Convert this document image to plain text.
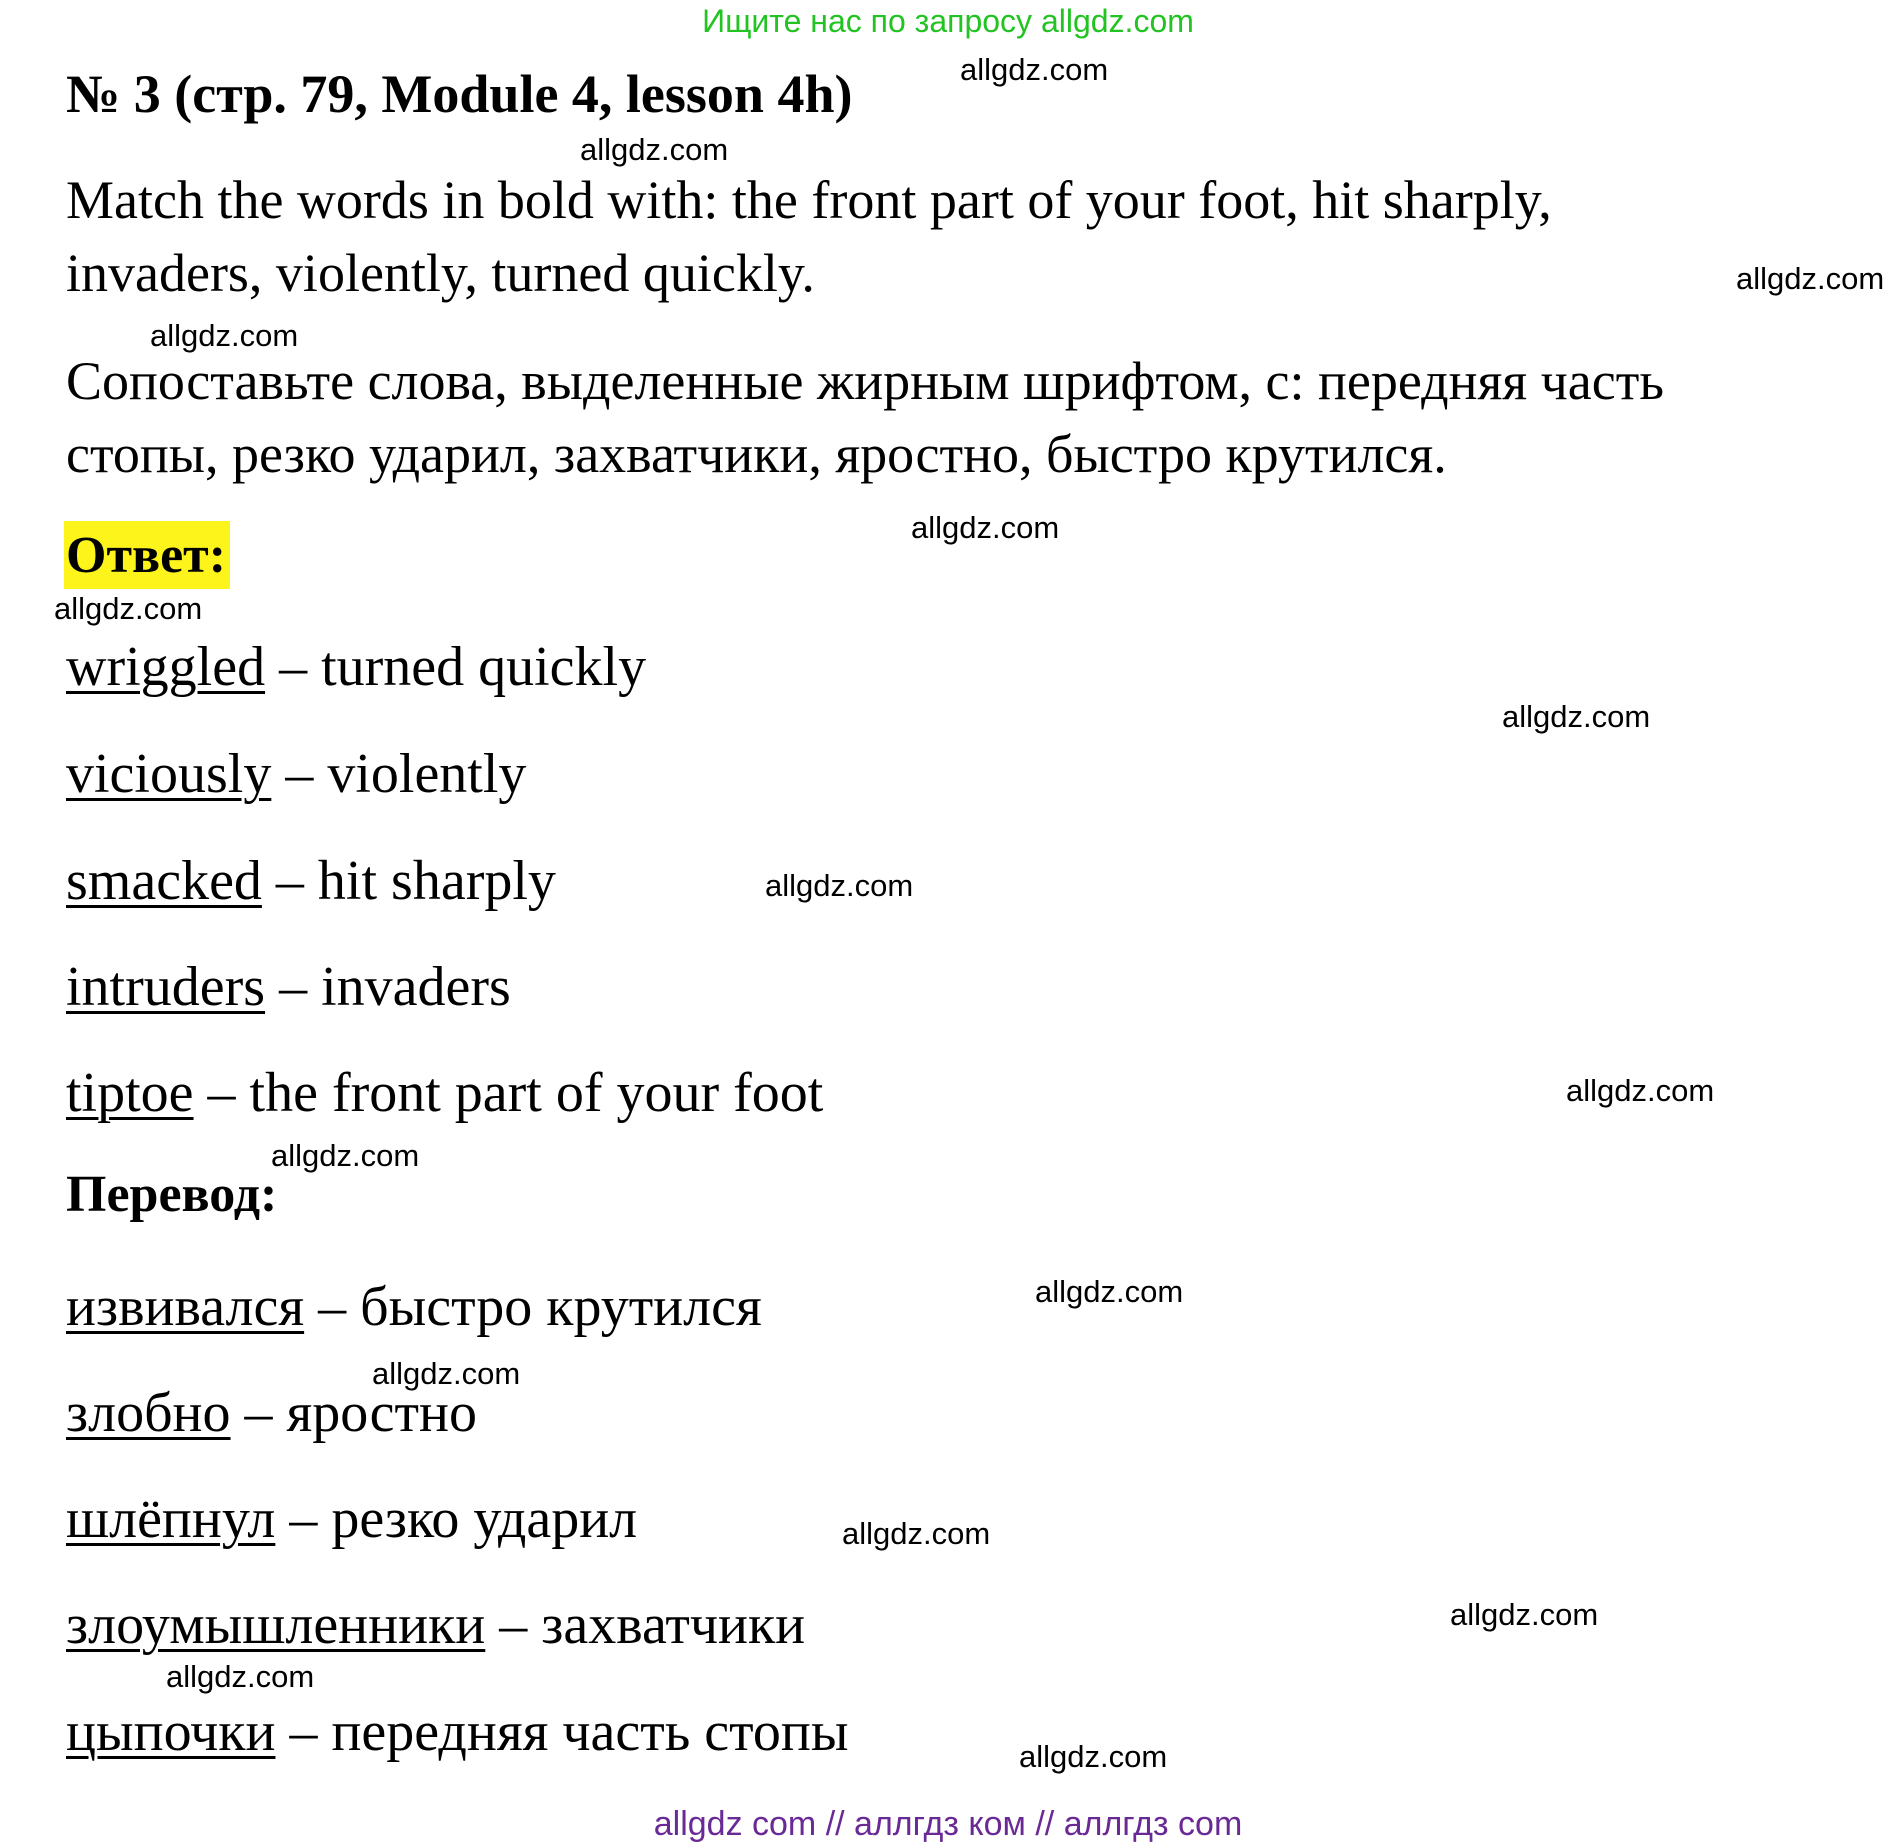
Ищите нас по запросу allgdz.com
№ 3 (стр. 79, Module 4, lesson 4h)
Match the words in bold with: the front part of your foot, hit sharply,
invaders, violently, turned quickly.
Сопоставьте слова, выделенные жирным шрифтом, с: передняя часть
стопы, резко ударил, захватчики, яростно, быстро крутился.
Ответ:
wriggled – turned quickly
viciously – violently
smacked – hit sharply
intruders – invaders
tiptoe – the front part of your foot
Перевод:
извивался – быстро крутился
злобно – яростно
шлёпнул – резко ударил
злоумышленники – захватчики
цыпочки – передняя часть стопы
allgdz.com
allgdz.com
allgdz.com
allgdz.com
allgdz.com
allgdz.com
allgdz.com
allgdz.com
allgdz.com
allgdz.com
allgdz.com
allgdz.com
allgdz.com
allgdz.com
allgdz.com
allgdz.com
allgdz com // аллгдз ком // аллгдз com
